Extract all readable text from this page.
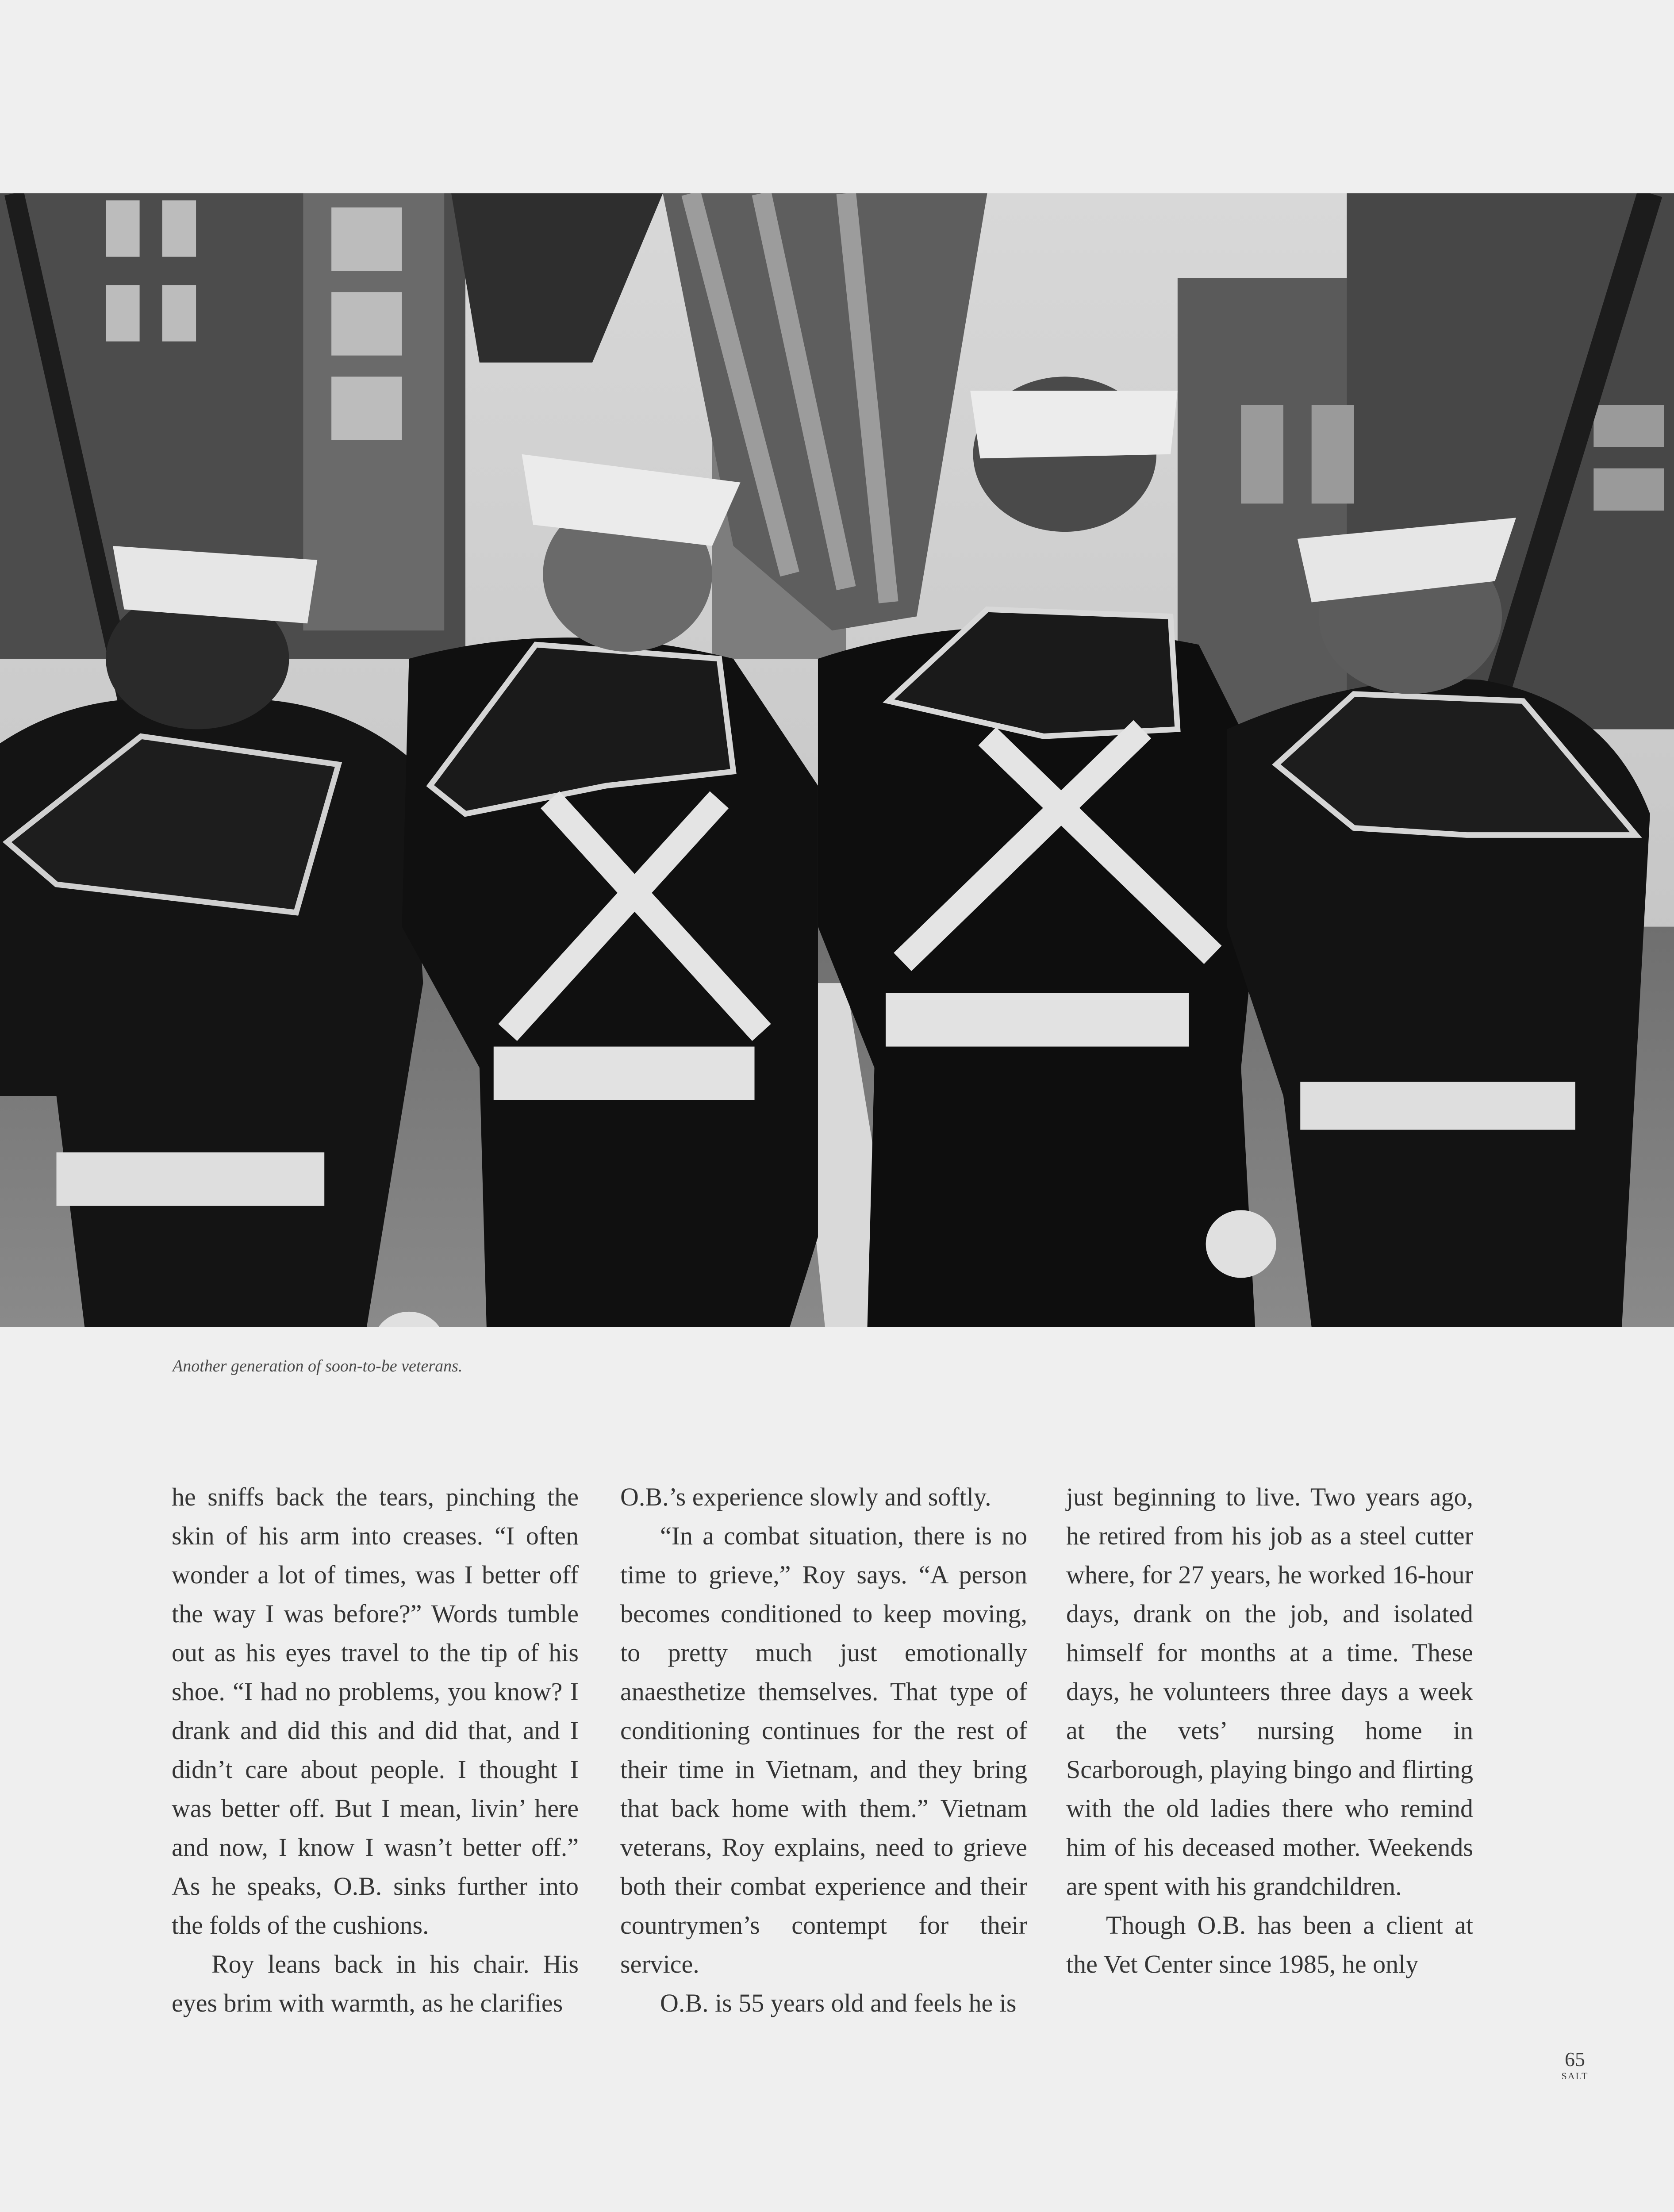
Another generation of soon-to-be veterans.

he sniffs back the tears, pinching the skin of his arm into creases. “I often wonder a lot of times, was I better off the way I was before?” Words tumble out as his eyes travel to the tip of his shoe. “I had no problems, you know? I drank and did this and did that, and I didn’t care about people. I thought I was better off. But I mean, livin’ here and now, I know I wasn’t better off.” As he speaks, O.B. sinks further into the folds of the cushions.

Roy leans back in his chair. His eyes brim with warmth, as he clarifies

O.B.’s experience slowly and softly.

“In a combat situation, there is no time to grieve,” Roy says. “A person becomes conditioned to keep moving, to pretty much just emotionally anaesthetize themselves. That type of conditioning continues for the rest of their time in Vietnam, and they bring that back home with them.” Vietnam veterans, Roy explains, need to grieve both their combat experience and their countrymen’s contempt for their service.

O.B. is 55 years old and feels he is

just beginning to live. Two years ago, he retired from his job as a steel cutter where, for 27 years, he worked 16-hour days, drank on the job, and isolated himself for months at a time. These days, he volunteers three days a week at the vets’ nursing home in Scarborough, playing bingo and flirting with the old ladies there who remind him of his deceased mother. Weekends are spent with his grandchildren.

Though O.B. has been a client at the Vet Center since 1985, he only

65
SALT
